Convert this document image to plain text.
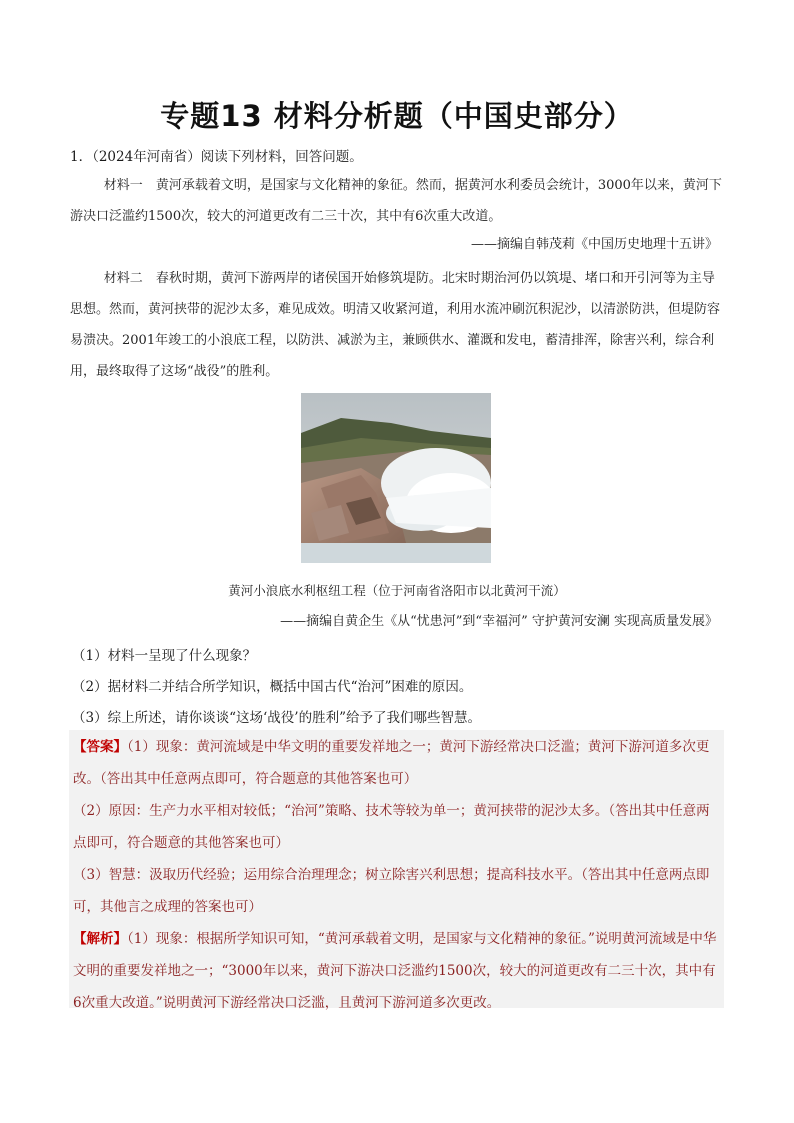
专题13 材料分析题（中国史部分）
1．（2024年河南省）阅读下列材料，回答问题。

材料一　 黄河承载着文明，是国家与文化精神的象征。然而，据黄河水利委员会统计，3000年以来，黄河下游决口泛滥约1500次，较大的河道更改有二三十次，其中有6次重大改道。

——摘编自韩茂莉《中国历史地理十五讲》

材料二　 春秋时期，黄河下游两岸的诸侯国开始修筑堤防。北宋时期治河仍以筑堤、堵口和开引河等为主导思想。然而，黄河挟带的泥沙太多，难见成效。明清又收紧河道，利用水流冲刷沉积泥沙，以清淤防洪，但堤防容易溃决。2001年竣工的小浪底工程，以防洪、减淤为主，兼顾供水、灌溉和发电，蓄清排浑，除害兴利，综合利用，最终取得了这场“战役”的胜利。

黄河小浪底水利枢纽工程（位于河南省洛阳市以北黄河干流）
——摘编自黄企生《从“忧患河”到“幸福河” 守护黄河安澜 实现高质量发展》
（1）材料一呈现了什么现象？
（2）据材料二并结合所学知识，概括中国古代“治河”困难的原因。
（3）综上所述，请你谈谈“这场‘战役’的胜利”给予了我们哪些智慧。

【答案】（1）现象：黄河流域是中华文明的重要发祥地之一；黄河下游经常决口泛滥；黄河下游河道多次更改。（答出其中任意两点即可，符合题意的其他答案也可）

（2）原因：生产力水平相对较低；“治河”策略、技术等较为单一；黄河挟带的泥沙太多。（答出其中任意两点即可，符合题意的其他答案也可）

（3）智慧：汲取历代经验；运用综合治理理念；树立除害兴利思想；提高科技水平。（答出其中任意两点即可，其他言之成理的答案也可）

【解析】（1）现象：根据所学知识可知，“黄河承载着文明，是国家与文化精神的象征。”说明黄河流域是中华文明的重要发祥地之一；“3000年以来，黄河下游决口泛滥约1500次，较大的河道更改有二三十次，其中有6次重大改道。”说明黄河下游经常决口泛滥，且黄河下游河道多次更改。
